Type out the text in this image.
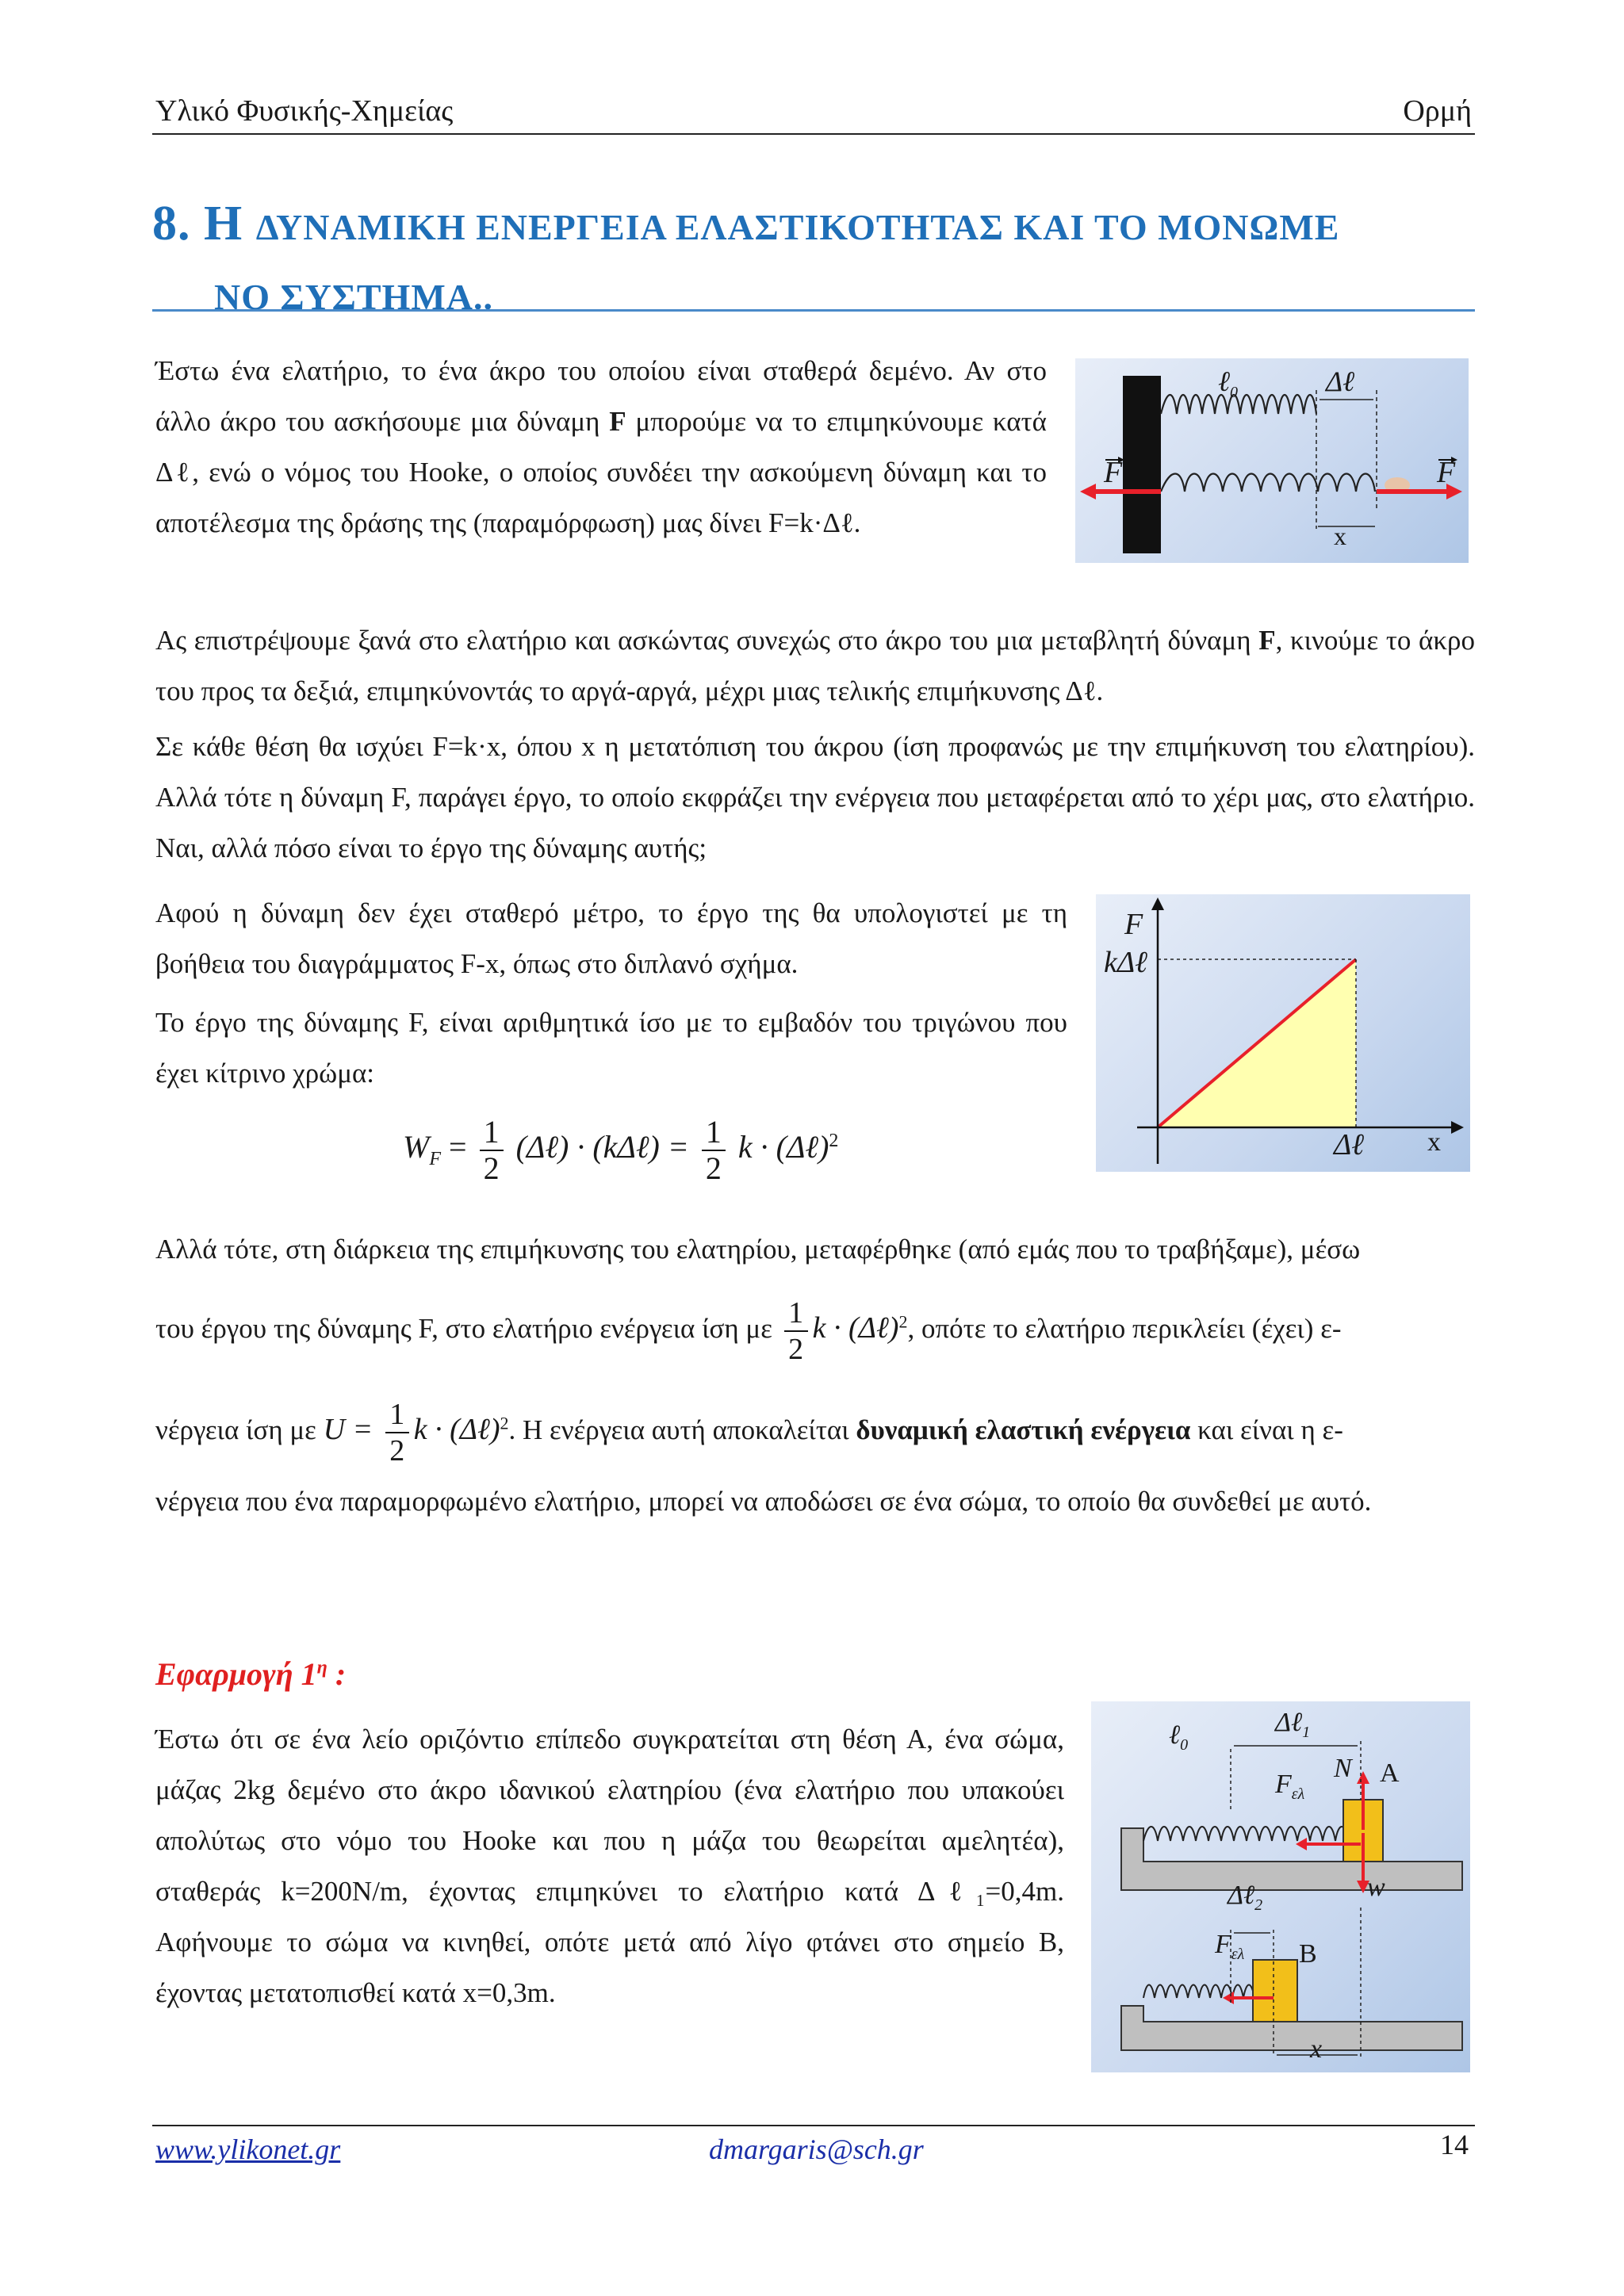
Υλικό Φυσικής-Χημείας	Ορμή
8. Η ΔΥΝΑΜΙΚΗ ΕΝΕΡΓΕΙΑ ΕΛΑΣΤΙΚΟΤΗΤΑΣ ΚΑΙ ΤΟ ΜΟΝΩΜΕ
ΝΟ ΣΥΣΤΗΜΑ..
Έστω ένα ελατήριο, το ένα άκρο του οποίου είναι σταθερά δεμένο. Αν στο άλλο άκρο του ασκήσουμε μια δύναμη F μπορούμε να το επιμηκύνουμε κατά Δℓ, ενώ ο νόμος του Hooke, ο οποίος συνδέει την ασκούμενη δύναμη και το αποτέλεσμα της δράσης της (παραμόρφωση) μας δίνει F=k·Δℓ.
ℓ$_0$	Δℓ
F	F
x
Ας επιστρέψουμε ξανά στο ελατήριο και ασκώντας συνεχώς στο άκρο του μια μεταβλητή δύναμη F, κινούμε το άκρο του προς τα δεξιά, επιμηκύνοντάς το αργά-αργά, μέχρι μιας τελικής επιμήκυνσης Δℓ.
Σε κάθε θέση θα ισχύει F=k·x, όπου x η μετατόπιση του άκρου (ίση προφανώς με την επιμήκυνση του ελατηρίου). Αλλά τότε η δύναμη F, παράγει έργο, το οποίο εκφράζει την ενέργεια που μεταφέρεται από το χέρι μας, στο ελατήριο. Ναι, αλλά πόσο είναι το έργο της δύναμης αυτής;
Αφού η δύναμη δεν έχει σταθερό μέτρο, το έργο της θα υπολογιστεί με τη βοήθεια του διαγράμματος F-x, όπως στο διπλανό σχήμα.
Το έργο της δύναμης F, είναι αριθμητικά ίσο με το εμβαδόν του τριγώνου που έχει κίτρινο χρώμα:
F
kΔℓ
Δℓ x
$W_F = \frac{1}{2}$ (Δℓ) · (kΔℓ) = $\frac{1}{2}$ k · (Δℓ)$^2$
Αλλά τότε, στη διάρκεια της επιμήκυνσης του ελατηρίου, μεταφέρθηκε (από εμάς που το τραβήξαμε), μέσω
του έργου της δύναμης F, στο ελατήριο ενέργεια ίση με $\frac{1}{2}$ k · (Δℓ)$^2$, οπότε το ελατήριο περικλείει (έχει) ε-
νέργεια ίση με $U = \frac{1}{2}$ k · (Δℓ)$^2$. Η ενέργεια αυτή αποκαλείται δυναμική ελαστική ενέργεια και είναι η ε-
νέργεια που ένα παραμορφωμένο ελατήριο, μπορεί να αποδώσει σε ένα σώμα, το οποίο θα συνδεθεί με αυτό.
Εφαρμογή $1^\eta$ :
Έστω ότι σε ένα λείο οριζόντιο επίπεδο συγκρατείται στη θέση Α, ένα σώμα, μάζας 2kg δεμένο στο άκρο ιδανικού ελατηρίου (ένα ελατήριο που υπακούει απολύτως στο νόμο του Hooke και που η μάζα του θεωρείται αμελητέα), σταθεράς k=200N/m, έχοντας επιμηκύνει το ελατήριο κατά Δℓ₁=0,4m. Αφήνουμε το σώμα να κινηθεί, οπότε μετά από λίγο φτάνει στο σημείο Β, έχοντας μετατοπισθεί κατά x=0,3m.
ℓ$_0$
Δℓ$_1$
N A
$F_{\varepsilon\lambda}$
w
Δℓ$_2$
$F_{\varepsilon\lambda}$ B
x
www.ylikonet.gr	dmargaris@sch.gr	14
